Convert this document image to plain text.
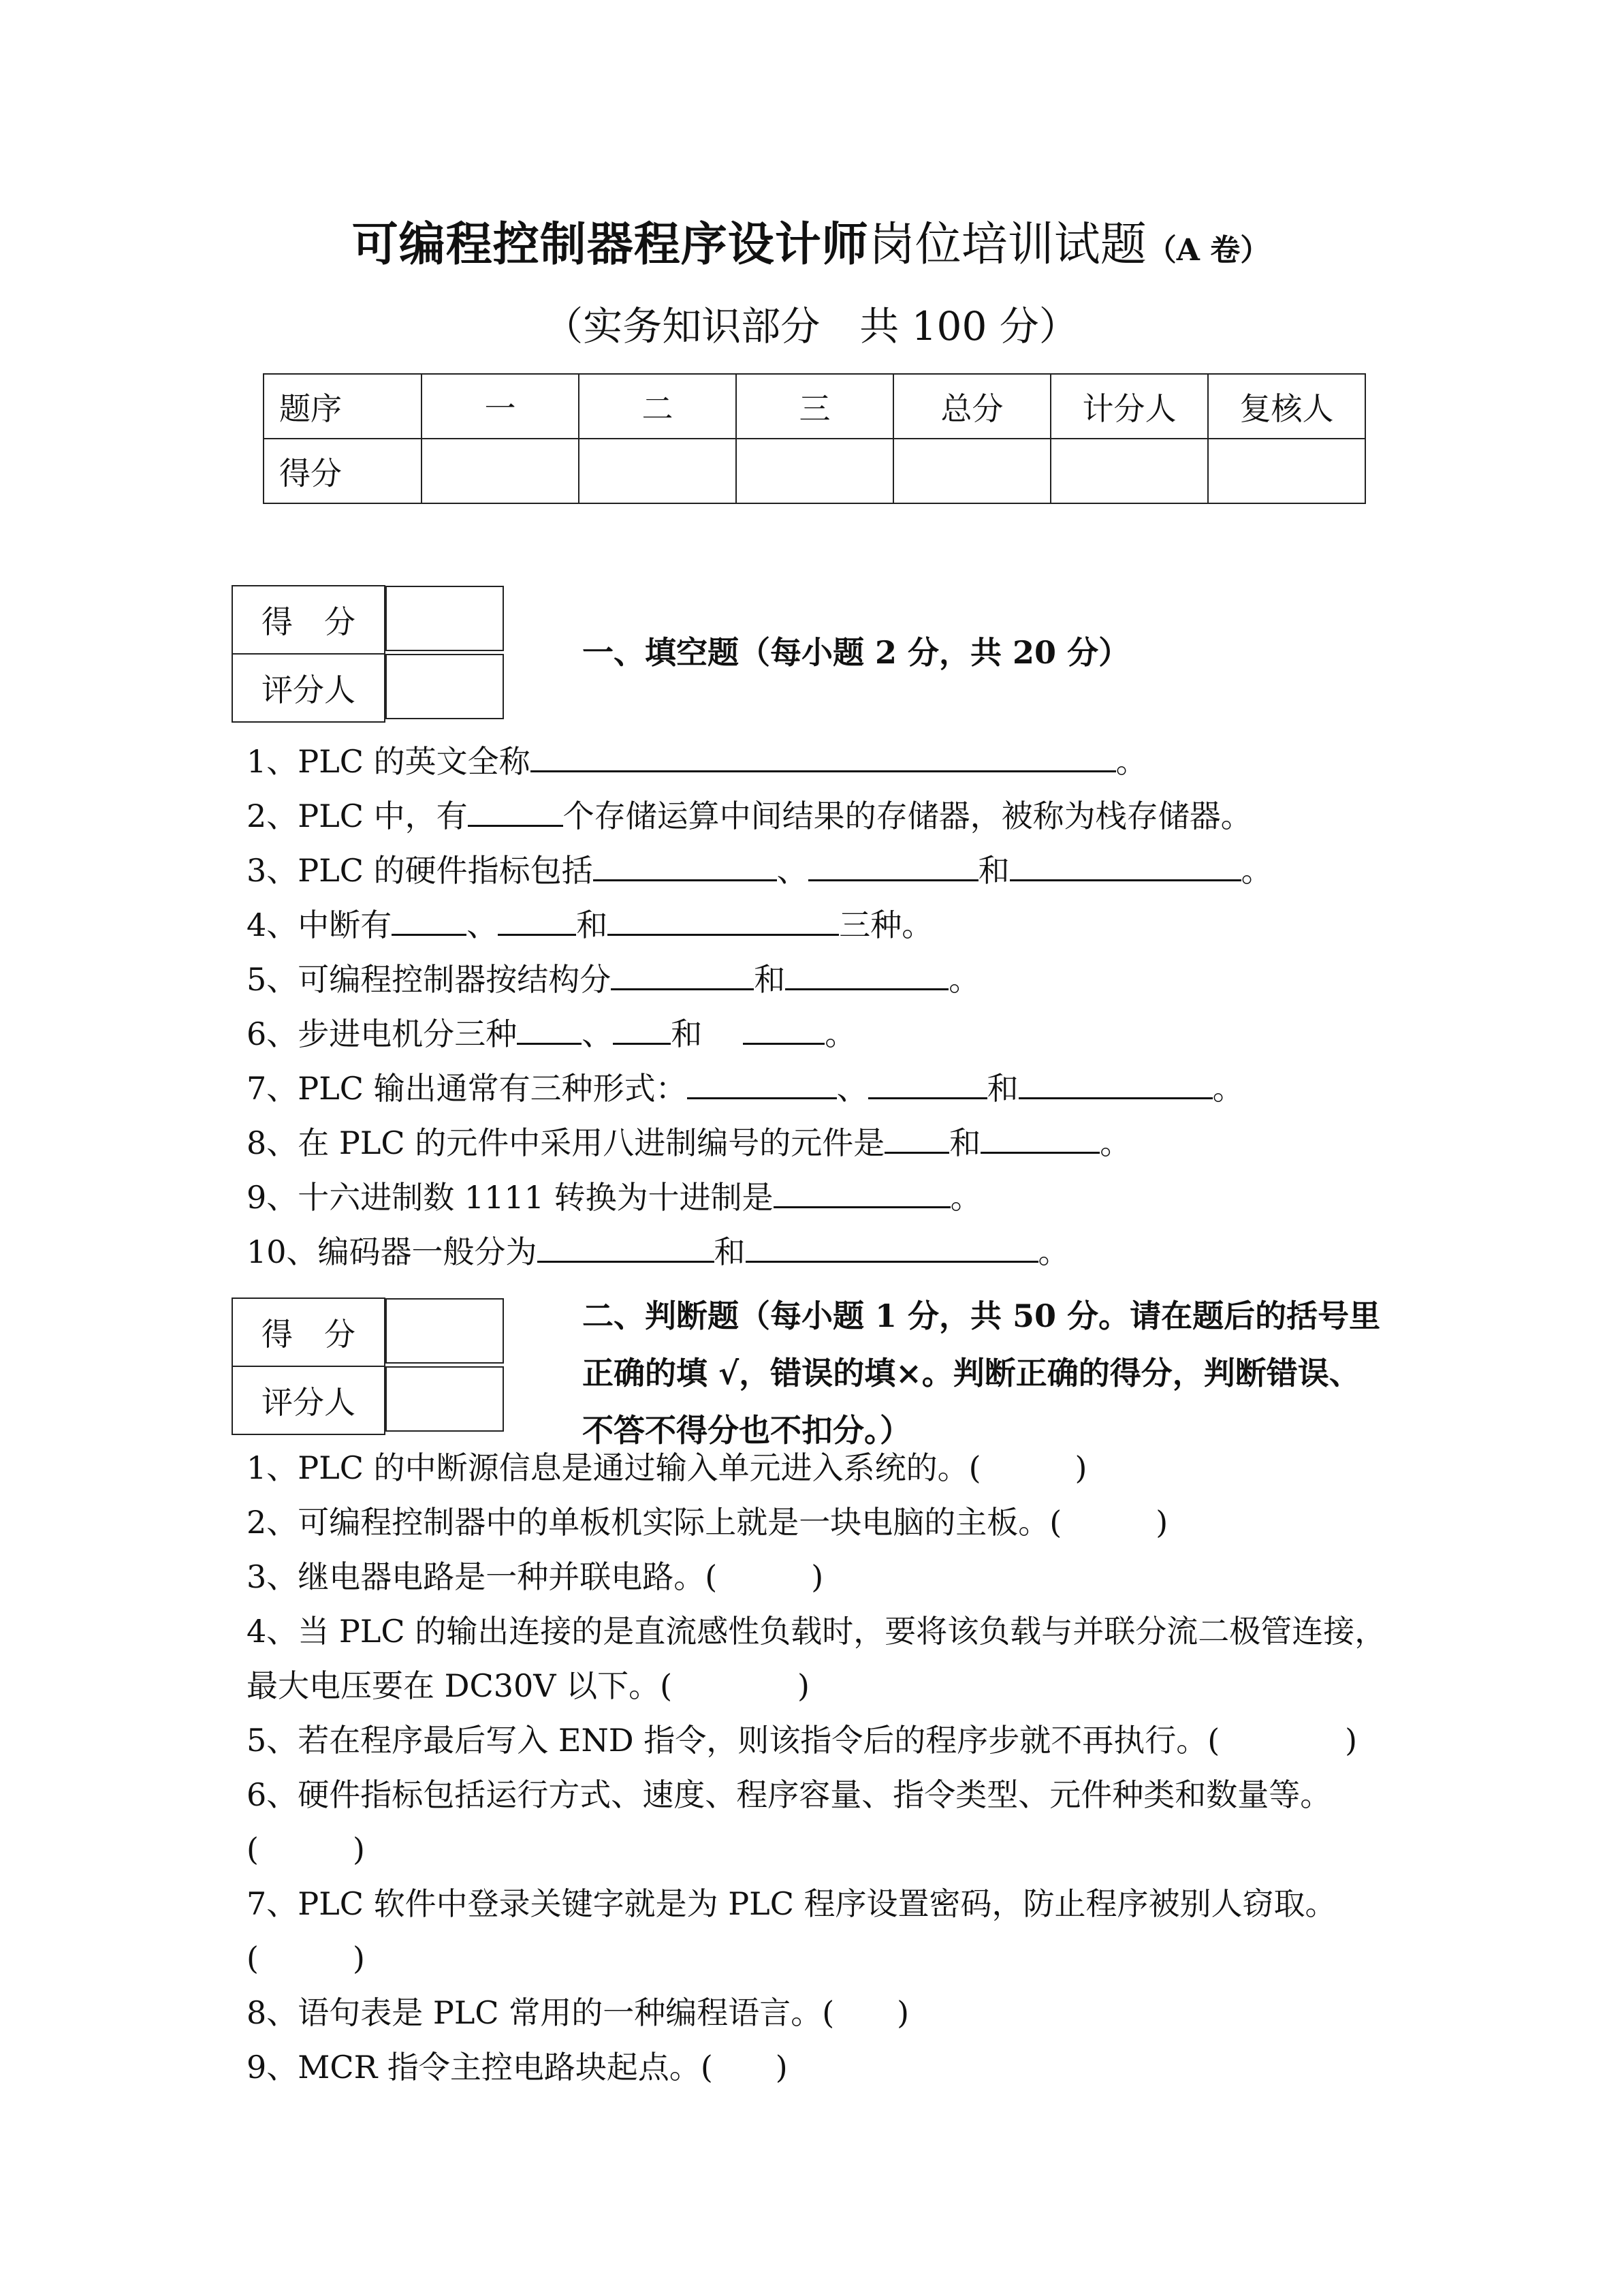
可编程控制器程序设计师岗位培训试题（A 卷）
（实务知识部分　共 100 分）
题序	一	二	三	总分	计分人	复核人
得分						
得　分	
评分人	
一、填空题（每小题 2 分，共 20 分）
1、PLC 的英文全称	。
2、PLC 中，有	个存储运算中间结果的存储器，被称为栈存储器。
3、PLC 的硬件指标包括	、	和	。
4、中断有 、	和	三种。
5、可编程控制器按结构分	和	。
6、步进电机分三种 、 和	。
7、PLC 输出通常有三种形式：	、	和	。
8、在 PLC 的元件中采用八进制编号的元件是 和	。
9、十六进制数 1111 转换为十进制是	。
10、编码器一般分为	和	。
得　分	
评分人	
二、判断题（每小题 1 分，共 50 分。请在题后的括号里
正确的填 √，错误的填×。判断正确的得分，判断错误、
不答不得分也不扣分。）
1、PLC 的中断源信息是通过输入单元进入系统的。(　　　)
2、可编程控制器中的单板机实际上就是一块电脑的主板。(　　　)
3、继电器电路是一种并联电路。(　　　)
4、当 PLC 的输出连接的是直流感性负载时，要将该负载与并联分流二极管连接，
最大电压要在 DC30V 以下。(　　　　)
5、若在程序最后写入 END 指令，则该指令后的程序步就不再执行。(　　　　)
6、硬件指标包括运行方式、速度、程序容量、指令类型、元件种类和数量等。
(　　　)
7、PLC 软件中登录关键字就是为 PLC 程序设置密码，防止程序被别人窃取。
(　　　)
8、语句表是 PLC 常用的一种编程语言。(　　)
9、MCR 指令主控电路块起点。(　　)
